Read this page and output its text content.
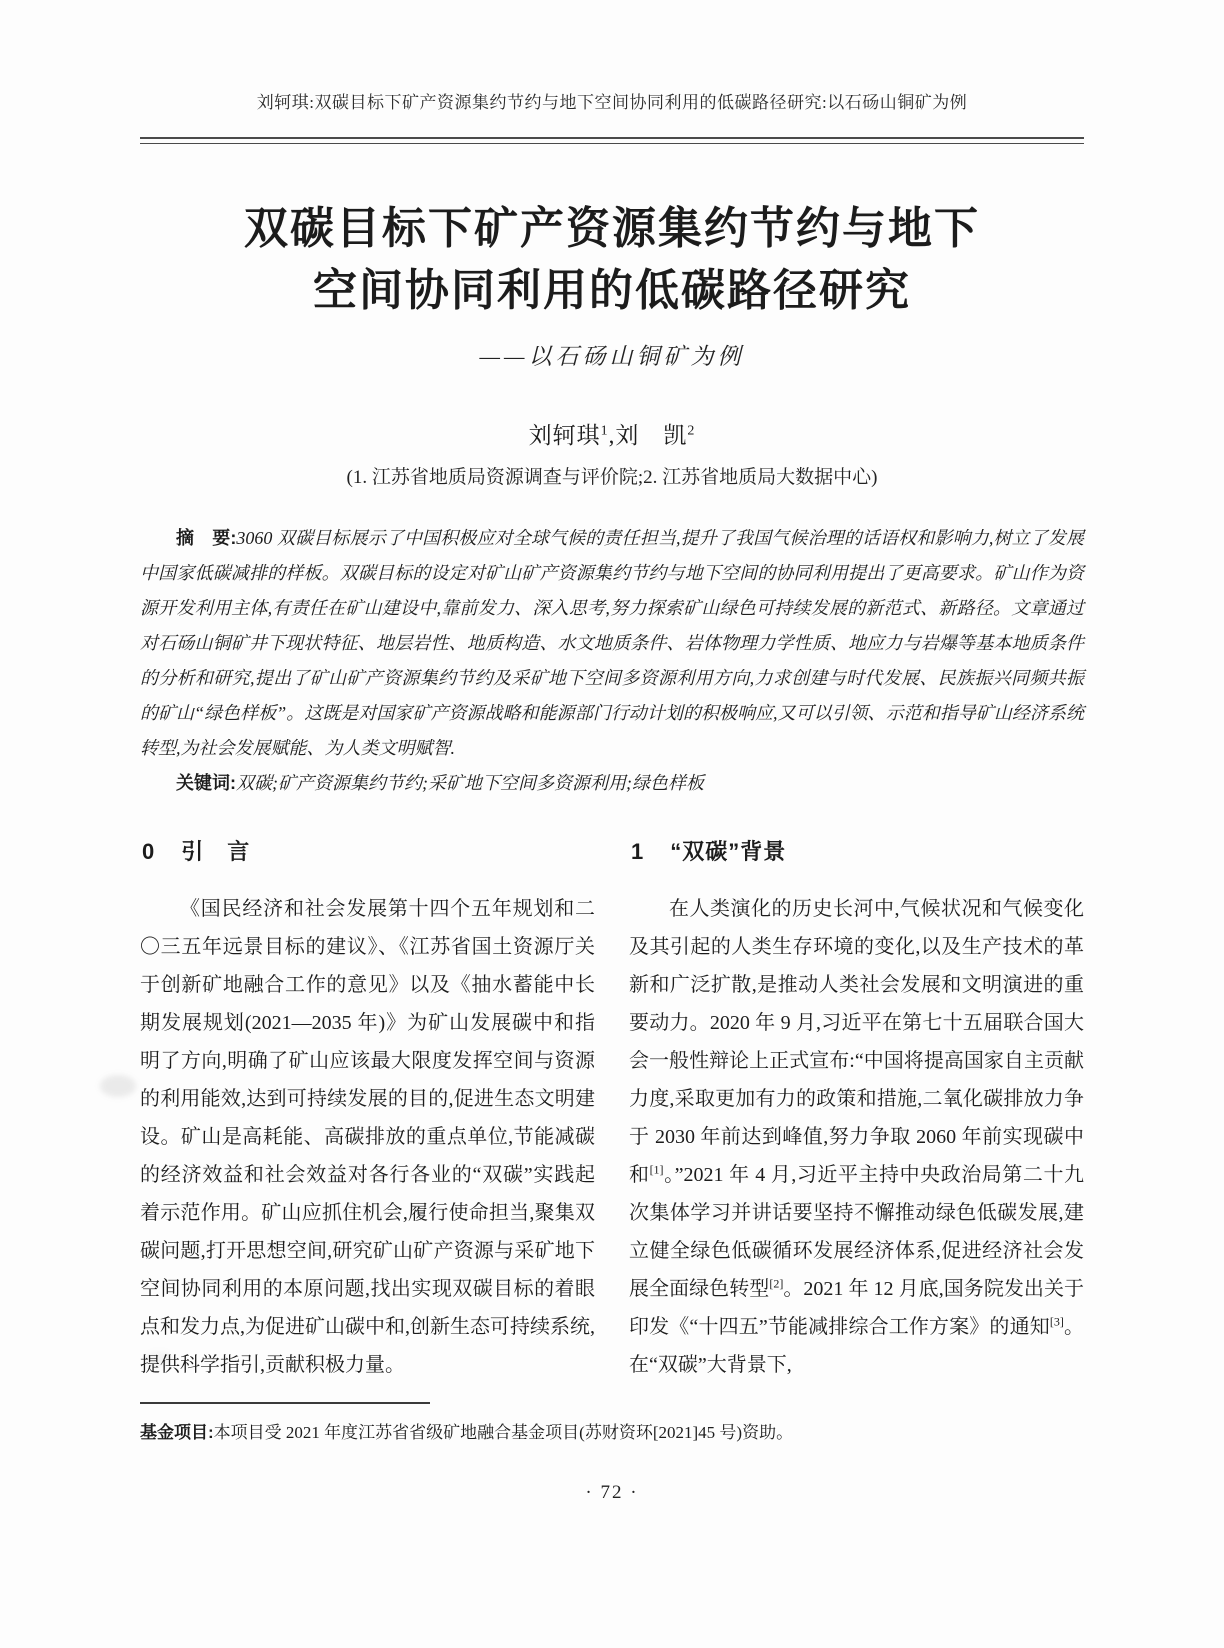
刘轲琪:双碳目标下矿产资源集约节约与地下空间协同利用的低碳路径研究:以石砀山铜矿为例
双碳目标下矿产资源集约节约与地下
空间协同利用的低碳路径研究
——以石砀山铜矿为例
刘轲琪$^1$,刘　凯$^2$
(1. 江苏省地质局资源调查与评价院;2. 江苏省地质局大数据中心)

摘　要:3060 双碳目标展示了中国积极应对全球气候的责任担当,提升了我国气候治理的话语权和影响力,树立了发展中国家低碳减排的样板。双碳目标的设定对矿山矿产资源集约节约与地下空间的协同利用提出了更高要求。矿山作为资源开发利用主体,有责任在矿山建设中,靠前发力、深入思考,努力探索矿山绿色可持续发展的新范式、新路径。文章通过对石砀山铜矿井下现状特征、地层岩性、地质构造、水文地质条件、岩体物理力学性质、地应力与岩爆等基本地质条件的分析和研究,提出了矿山矿产资源集约节约及采矿地下空间多资源利用方向,力求创建与时代发展、民族振兴同频共振的矿山“绿色样板”。这既是对国家矿产资源战略和能源部门行动计划的积极响应,又可以引领、示范和指导矿山经济系统转型,为社会发展赋能、为人类文明赋智.

关键词:双碳;矿产资源集约节约;采矿地下空间多资源利用;绿色样板

0 引　言

《国民经济和社会发展第十四个五年规划和二〇三五年远景目标的建议》、《江苏省国土资源厅关于创新矿地融合工作的意见》以及《抽水蓄能中长期发展规划(2021—2035 年)》为矿山发展碳中和指明了方向,明确了矿山应该最大限度发挥空间与资源的利用能效,达到可持续发展的目的,促进生态文明建设。矿山是高耗能、高碳排放的重点单位,节能减碳的经济效益和社会效益对各行各业的“双碳”实践起着示范作用。矿山应抓住机会,履行使命担当,聚集双碳问题,打开思想空间,研究矿山矿产资源与采矿地下空间协同利用的本原问题,找出实现双碳目标的着眼点和发力点,为促进矿山碳中和,创新生态可持续系统,提供科学指引,贡献积极力量。

1 “双碳”背景

在人类演化的历史长河中,气候状况和气候变化及其引起的人类生存环境的变化,以及生产技术的革新和广泛扩散,是推动人类社会发展和文明演进的重要动力。2020 年 9 月,习近平在第七十五届联合国大会一般性辩论上正式宣布:“中国将提高国家自主贡献力度,采取更加有力的政策和措施,二氧化碳排放力争于 2030 年前达到峰值,努力争取 2060 年前实现碳中和[1]。”2021 年 4 月,习近平主持中央政治局第二十九次集体学习并讲话要坚持不懈推动绿色低碳发展,建立健全绿色低碳循环发展经济体系,促进经济社会发展全面绿色转型[2]。2021 年 12 月底,国务院发出关于印发《“十四五”节能减排综合工作方案》的通知[3]。在“双碳”大背景下,

基金项目:本项目受 2021 年度江苏省省级矿地融合基金项目(苏财资环[2021]45 号)资助。

· 72 ·
